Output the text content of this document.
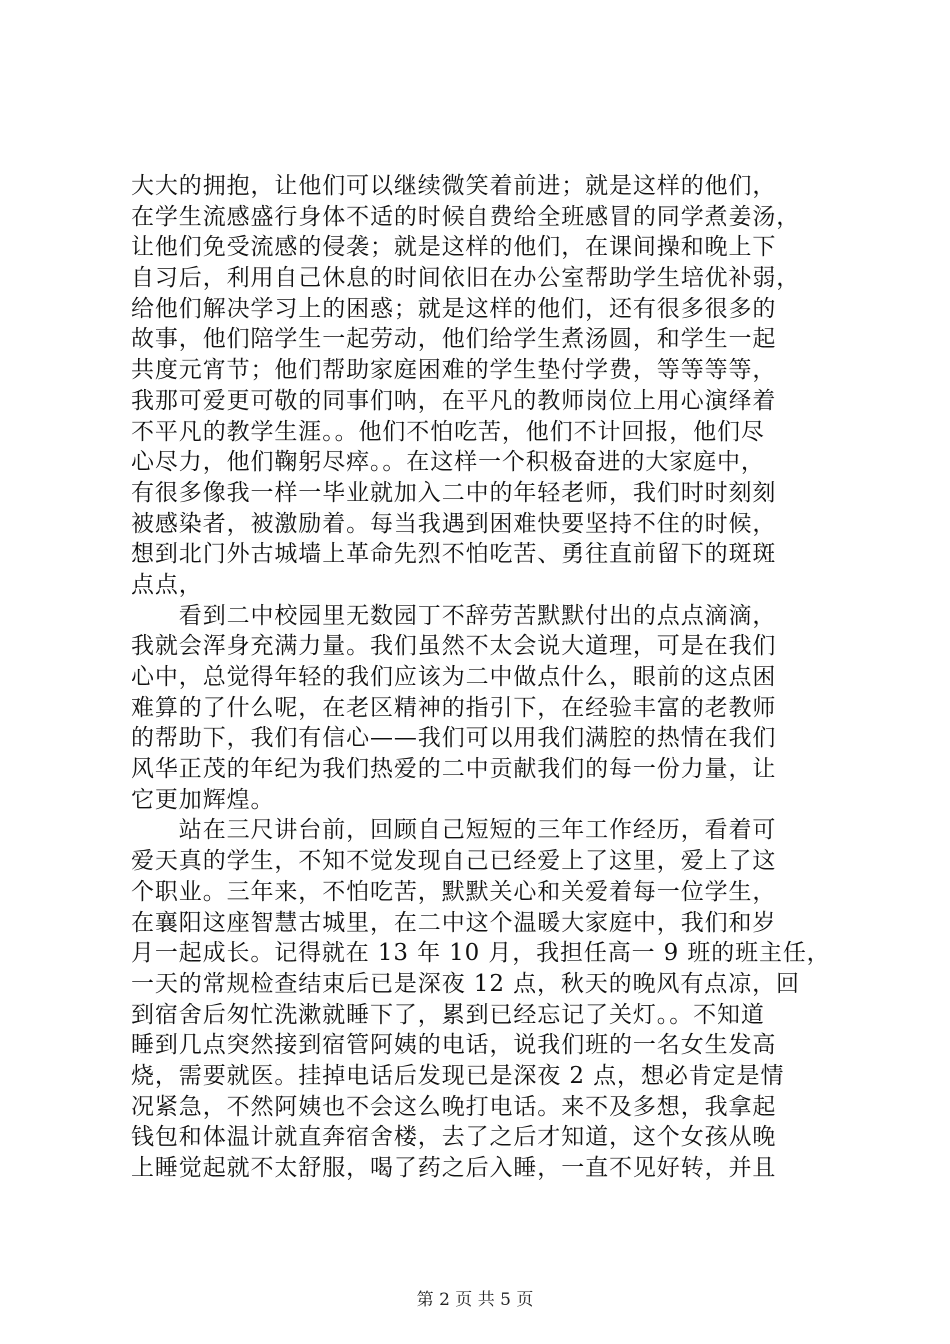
大大的拥抱，让他们可以继续微笑着前进；就是这样的他们，
在学生流感盛行身体不适的时候自费给全班感冒的同学煮姜汤，
让他们免受流感的侵袭；就是这样的他们，在课间操和晚上下
自习后，利用自己休息的时间依旧在办公室帮助学生培优补弱，
给他们解决学习上的困惑；就是这样的他们，还有很多很多的
故事，他们陪学生一起劳动，他们给学生煮汤圆，和学生一起
共度元宵节；他们帮助家庭困难的学生垫付学费，等等等等，
我那可爱更可敬的同事们呐，在平凡的教师岗位上用心演绎着
不平凡的教学生涯。。他们不怕吃苦，他们不计回报，他们尽
心尽力，他们鞠躬尽瘁。。在这样一个积极奋进的大家庭中，
有很多像我一样一毕业就加入二中的年轻老师，我们时时刻刻
被感染者，被激励着。每当我遇到困难快要坚持不住的时候，
想到北门外古城墙上革命先烈不怕吃苦、勇往直前留下的斑斑
点点，
　　看到二中校园里无数园丁不辞劳苦默默付出的点点滴滴，
我就会浑身充满力量。我们虽然不太会说大道理，可是在我们
心中，总觉得年轻的我们应该为二中做点什么，眼前的这点困
难算的了什么呢，在老区精神的指引下，在经验丰富的老教师
的帮助下，我们有信心——我们可以用我们满腔的热情在我们
风华正茂的年纪为我们热爱的二中贡献我们的每一份力量，让
它更加辉煌。
　　站在三尺讲台前，回顾自己短短的三年工作经历，看着可
爱天真的学生，不知不觉发现自己已经爱上了这里，爱上了这
个职业。三年来，不怕吃苦，默默关心和关爱着每一位学生，
在襄阳这座智慧古城里，在二中这个温暖大家庭中，我们和岁
月一起成长。记得就在 13 年 10 月，我担任高一 9 班的班主任，
一天的常规检查结束后已是深夜 12 点，秋天的晚风有点凉，回
到宿舍后匆忙洗漱就睡下了，累到已经忘记了关灯。。不知道
睡到几点突然接到宿管阿姨的电话，说我们班的一名女生发高
烧，需要就医。挂掉电话后发现已是深夜 2 点，想必肯定是情
况紧急，不然阿姨也不会这么晚打电话。来不及多想，我拿起
钱包和体温计就直奔宿舍楼，去了之后才知道，这个女孩从晚
上睡觉起就不太舒服，喝了药之后入睡，一直不见好转，并且
第 2 页 共 5 页
